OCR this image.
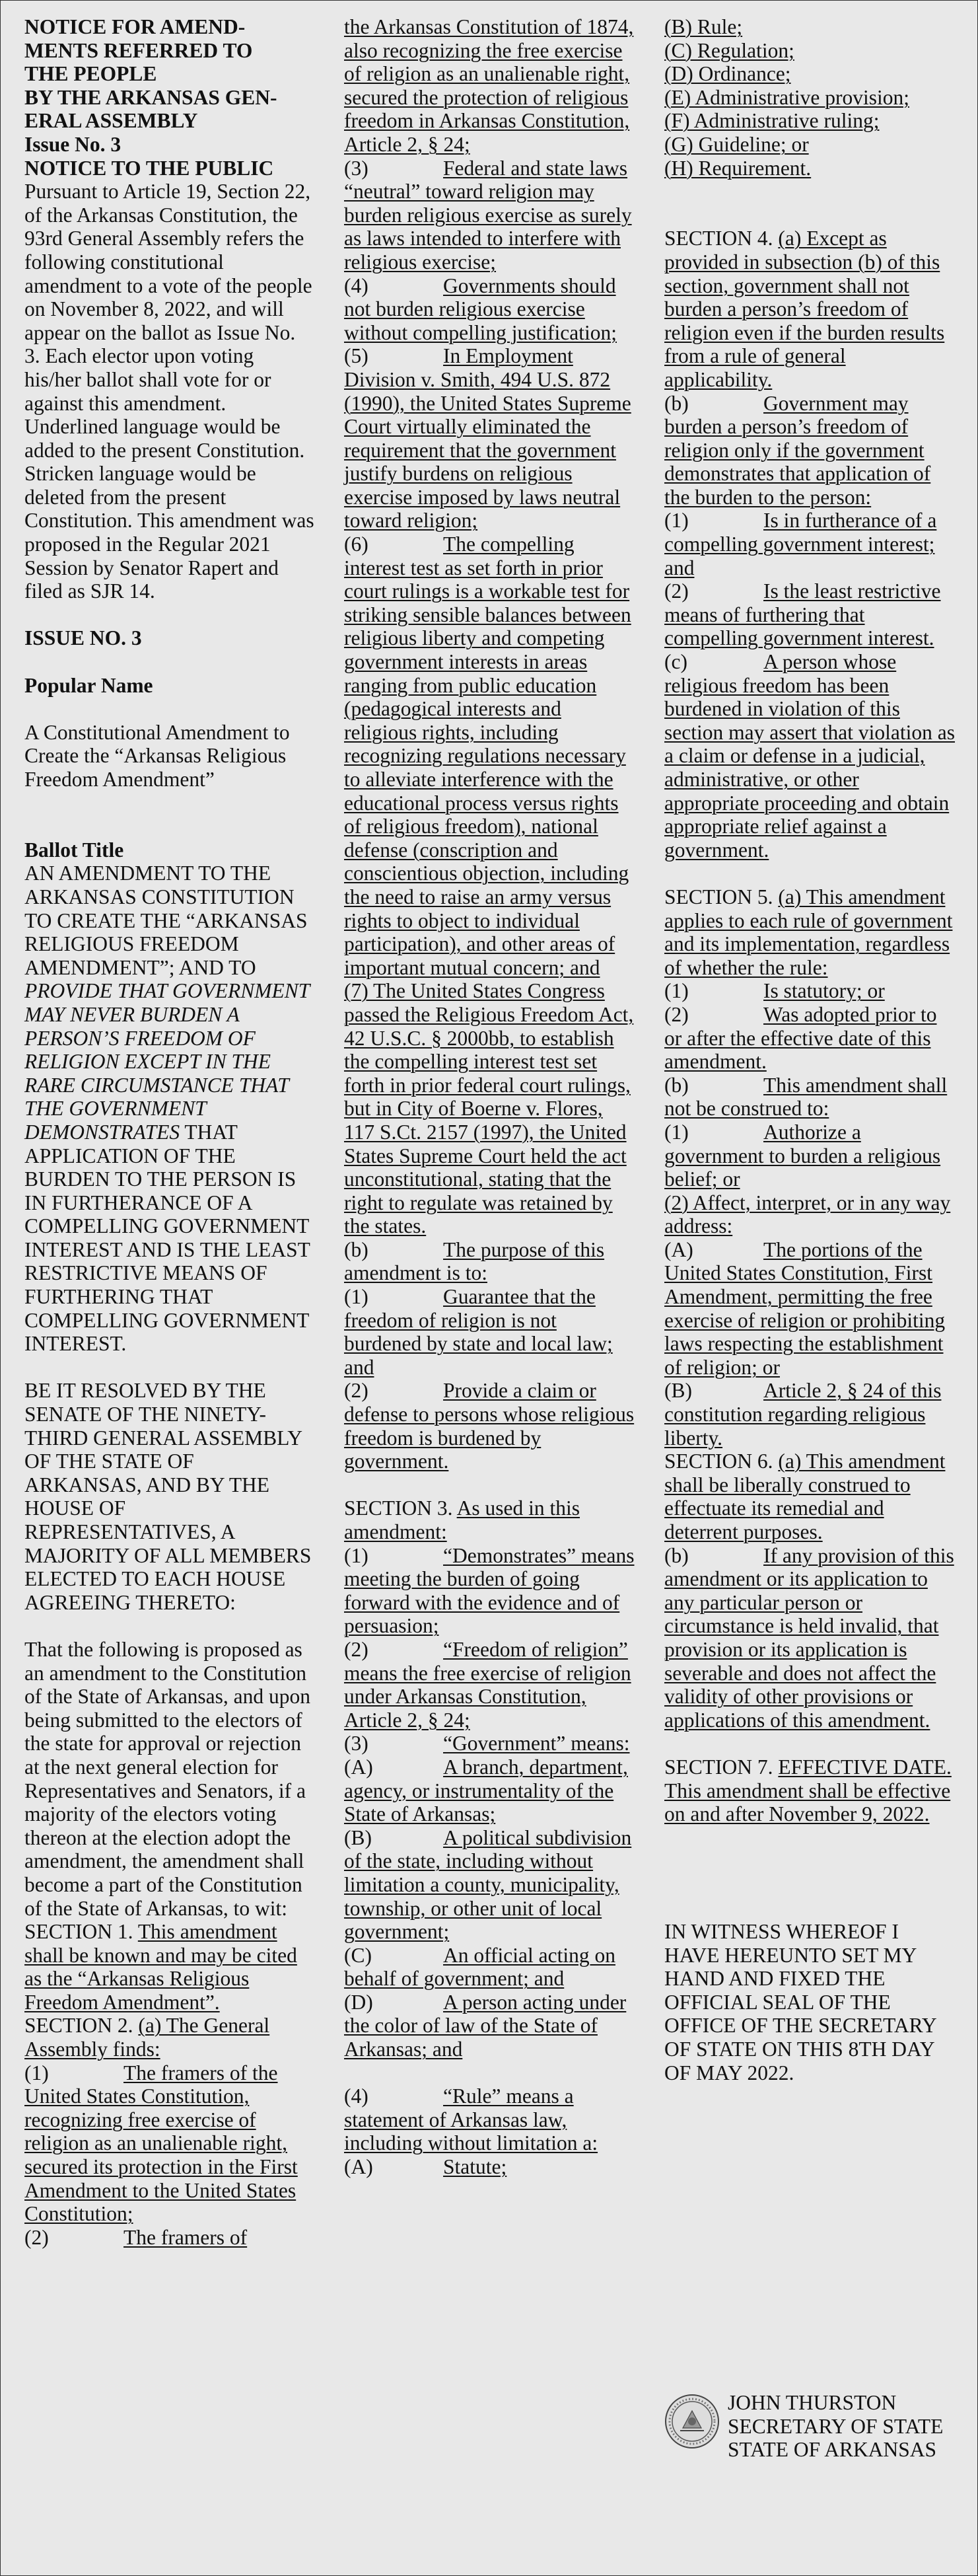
NOTICE FOR AMEND-
MENTS REFERRED TO
THE PEOPLE
BY THE ARKANSAS GEN-
ERAL ASSEMBLY
Issue No. 3
NOTICE TO THE PUBLIC
Pursuant to Article 19, Section 22, of the Arkansas Constitution, the 93rd General Assembly refers the following constitutional amendment to a vote of the people on November 8, 2022, and will appear on the ballot as Issue No. 3. Each elector upon voting his/her ballot shall vote for or against this amendment. Underlined language would be added to the present Constitution. Stricken language would be deleted from the present Constitution. This amendment was proposed in the Regular 2021 Session by Senator Rapert and filed as SJR 14.
ISSUE NO. 3
Popular Name
A Constitutional Amendment to Create the “Arkansas Religious Freedom Amendment”
Ballot Title
AN AMENDMENT TO THE ARKANSAS CONSTITUTION TO CREATE THE “ARKANSAS RELIGIOUS FREEDOM AMENDMENT”; AND TO PROVIDE THAT GOVERNMENT MAY NEVER BURDEN A PERSON’S FREEDOM OF RELIGION EXCEPT IN THE RARE CIRCUMSTANCE THAT THE GOVERNMENT DEMONSTRATES THAT APPLICATION OF THE BURDEN TO THE PERSON IS IN FURTHERANCE OF A COMPELLING GOVERNMENT INTEREST AND IS THE LEAST RESTRICTIVE MEANS OF FURTHERING THAT COMPELLING GOVERNMENT INTEREST.
BE IT RESOLVED BY THE SENATE OF THE NINETY-THIRD GENERAL ASSEMBLY OF THE STATE OF ARKANSAS, AND BY THE HOUSE OF REPRESENTATIVES, A MAJORITY OF ALL MEMBERS ELECTED TO EACH HOUSE AGREEING THERETO:
That the following is proposed as an amendment to the Constitution of the State of Arkansas, and upon being submitted to the electors of the state for approval or rejection at the next general election for Representatives and Senators, if a majority of the electors voting thereon at the election adopt the amendment, the amendment shall become a part of the Constitution of the State of Arkansas, to wit:
SECTION 1. This amendment shall be known and may be cited as the “Arkansas Religious Freedom Amendment”.
SECTION 2. (a) The General Assembly finds:
(1)	The framers of the United States Constitution, recognizing free exercise of religion as an unalienable right, secured its protection in the First Amendment to the United States Constitution;
(2)	The framers of
the Arkansas Constitution of 1874, also recognizing the free exercise of religion as an unalienable right, secured the protection of religious freedom in Arkansas Constitution, Article 2, § 24;
(3)	Federal and state laws “neutral” toward religion may burden religious exercise as surely as laws intended to interfere with religious exercise;
(4)	Governments should not burden religious exercise without compelling justification;
(5)	In Employment Division v. Smith, 494 U.S. 872 (1990), the United States Supreme Court virtually eliminated the requirement that the government justify burdens on religious exercise imposed by laws neutral toward religion;
(6)	The compelling interest test as set forth in prior court rulings is a workable test for striking sensible balances between religious liberty and competing government interests in areas ranging from public education (pedagogical interests and religious rights, including recognizing regulations necessary to alleviate interference with the educational process versus rights of religious freedom), national defense (conscription and conscientious objection, including the need to raise an army versus rights to object to individual participation), and other areas of important mutual concern; and
(7) The United States Congress passed the Religious Freedom Act, 42 U.S.C. § 2000bb, to establish the compelling interest test set forth in prior federal court rulings, but in City of Boerne v. Flores, 117 S.Ct. 2157 (1997), the United States Supreme Court held the act unconstitutional, stating that the right to regulate was retained by the states.
(b)	The purpose of this amendment is to:
(1)	Guarantee that the freedom of religion is not burdened by state and local law; and
(2)	Provide a claim or defense to persons whose religious freedom is burdened by government.
SECTION 3. As used in this amendment:
(1)	“Demonstrates” means meeting the burden of going forward with the evidence and of persuasion;
(2)	“Freedom of religion” means the free exercise of religion under Arkansas Constitution, Article 2, § 24;
(3)	“Government” means:
(A)	A branch, department, agency, or instrumentality of the State of Arkansas;
(B)	A political subdivision of the state, including without limitation a county, municipality, township, or other unit of local government;
(C)	An official acting on behalf of government; and
(D)	A person acting under the color of law of the State of Arkansas; and
(4)	“Rule” means a statement of Arkansas law, including without limitation a:
(A)	Statute;
(B) Rule;
(C) Regulation;
(D) Ordinance;
(E) Administrative provision;
(F) Administrative ruling;
(G) Guideline; or
(H) Requirement.
SECTION 4. (a) Except as provided in subsection (b) of this section, government shall not burden a person’s freedom of religion even if the burden results from a rule of general applicability.
(b)	Government may burden a person’s freedom of religion only if the government demonstrates that application of the burden to the person:
(1)	Is in furtherance of a compelling government interest; and
(2)	Is the least restrictive means of furthering that compelling government interest.
(c)	A person whose religious freedom has been burdened in violation of this section may assert that violation as a claim or defense in a judicial, administrative, or other appropriate proceeding and obtain appropriate relief against a government.
SECTION 5. (a) This amendment applies to each rule of government and its implementation, regardless of whether the rule:
(1)	Is statutory; or
(2)	Was adopted prior to or after the effective date of this amendment.
(b)	This amendment shall not be construed to:
(1)	Authorize a government to burden a religious belief; or
(2) Affect, interpret, or in any way address:
(A)	The portions of the United States Constitution, First Amendment, permitting the free exercise of religion or prohibiting laws respecting the establishment of religion; or
(B)	Article 2, § 24 of this constitution regarding religious liberty.
SECTION 6. (a) This amendment shall be liberally construed to effectuate its remedial and deterrent purposes.
(b)	If any provision of this amendment or its application to any particular person or circumstance is held invalid, that provision or its application is severable and does not affect the validity of other provisions or applications of this amendment.
SECTION 7. EFFECTIVE DATE. This amendment shall be effective on and after November 9, 2022.
IN WITNESS WHEREOF I HAVE HEREUNTO SET MY HAND AND FIXED THE OFFICIAL SEAL OF THE OFFICE OF THE SECRETARY OF STATE ON THIS 8TH DAY OF MAY 2022.
JOHN THURSTON
SECRETARY OF STATE
STATE OF ARKANSAS
